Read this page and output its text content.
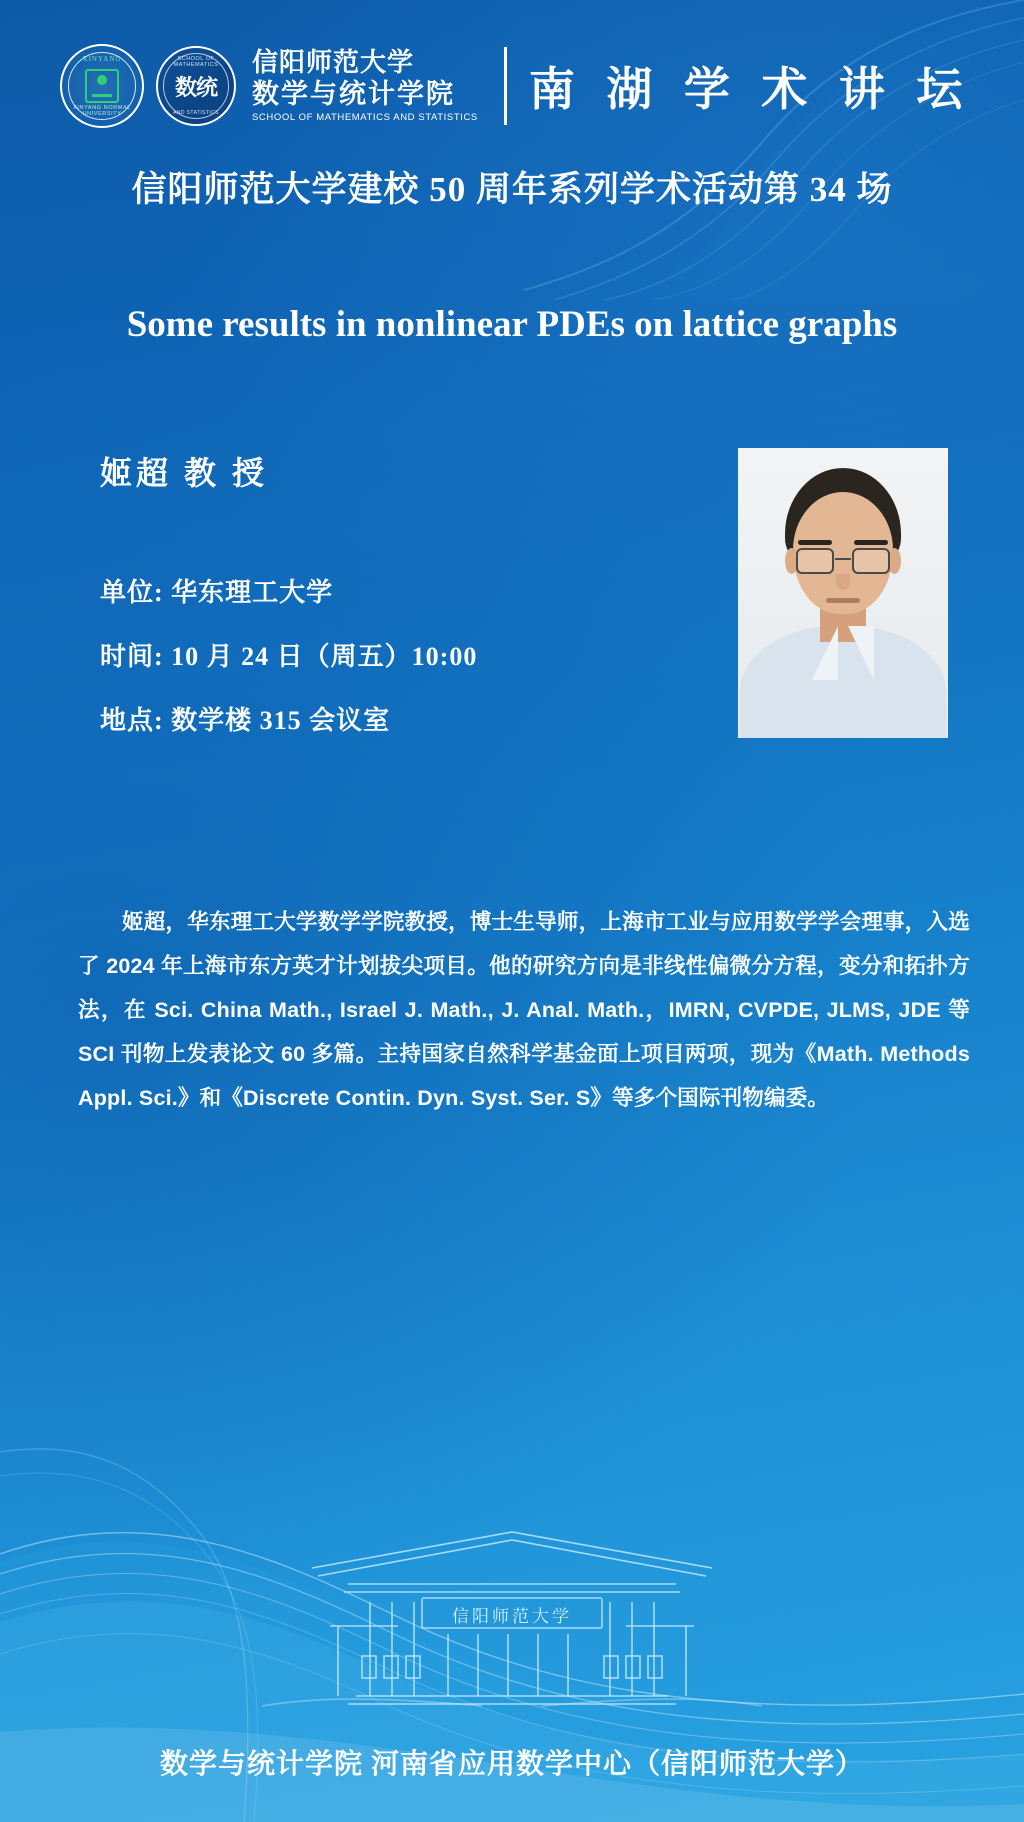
XINYANG
XINYANG NORMAL UNIVERSITY
SCHOOL OF MATHEMATICS
数统
AND STATISTICS
信阳师范大学
数学与统计学院
SCHOOL OF MATHEMATICS AND STATISTICS
南 湖 学 术 讲 坛
信阳师范大学建校 50 周年系列学术活动第 34 场
Some results in nonlinear PDEs on lattice graphs
姬超 教 授
单位: 华东理工大学
时间: 10 月 24 日（周五）10:00
地点: 数学楼 315 会议室
姬超，华东理工大学数学学院教授，博士生导师，上海市工业与应用数学学会理事，入选了 2024 年上海市东方英才计划拔尖项目。他的研究方向是非线性偏微分方程，变分和拓扑方法，在 Sci. China Math., Israel J. Math., J. Anal. Math.，IMRN, CVPDE, JLMS, JDE 等 SCI 刊物上发表论文 60 多篇。主持国家自然科学基金面上项目两项，现为《Math. Methods Appl. Sci.》和《Discrete Contin. Dyn. Syst. Ser. S》等多个国际刊物编委。
信阳师范大学
数学与统计学院 河南省应用数学中心（信阳师范大学）
